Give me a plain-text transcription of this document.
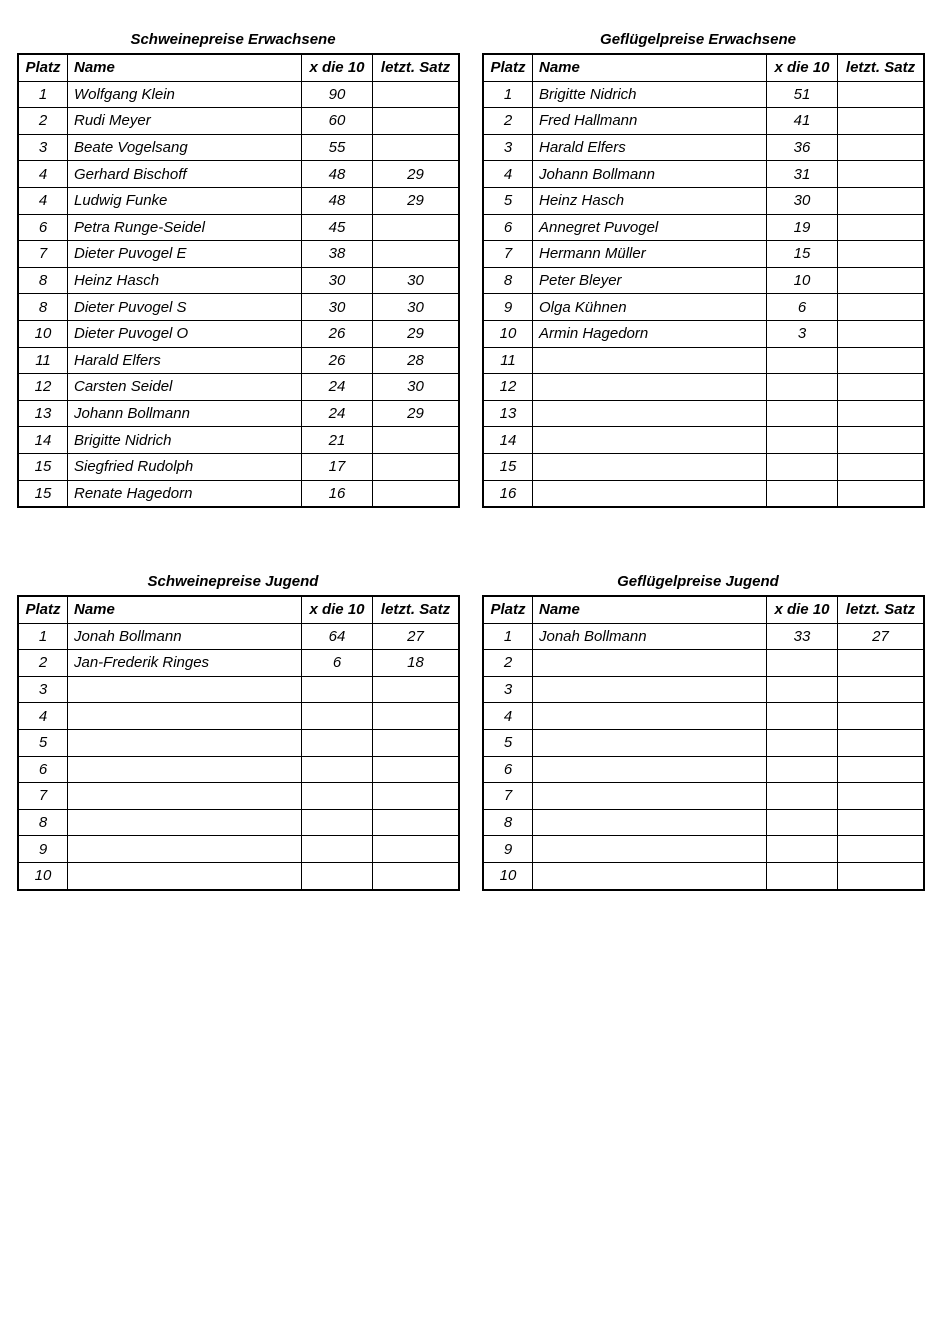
Schweinepreise Erwachsene
Platz	Name	x die 10	letzt. Satz
1	Wolfgang Klein	90	
2	Rudi Meyer	60	
3	Beate Vogelsang	55	
4	Gerhard Bischoff	48	29
4	Ludwig Funke	48	29
6	Petra Runge-Seidel	45	
7	Dieter Puvogel E	38	
8	Heinz Hasch	30	30
8	Dieter Puvogel S	30	30
10	Dieter Puvogel O	26	29
11	Harald Elfers	26	28
12	Carsten Seidel	24	30
13	Johann Bollmann	24	29
14	Brigitte Nidrich	21	
15	Siegfried Rudolph	17	
15	Renate Hagedorn	16	
Geflügelpreise Erwachsene
Platz	Name	x die 10	letzt. Satz
1	Brigitte Nidrich	51	
2	Fred Hallmann	41	
3	Harald Elfers	36	
4	Johann Bollmann	31	
5	Heinz Hasch	30	
6	Annegret Puvogel	19	
7	Hermann Müller	15	
8	Peter Bleyer	10	
9	Olga Kühnen	6	
10	Armin Hagedorn	3	
11			
12			
13			
14			
15			
16			
Schweinepreise Jugend
Platz	Name	x die 10	letzt. Satz
1	Jonah Bollmann	64	27
2	Jan-Frederik Ringes	6	18
3			
4			
5			
6			
7			
8			
9			
10			
Geflügelpreise Jugend
Platz	Name	x die 10	letzt. Satz
1	Jonah Bollmann	33	27
2			
3			
4			
5			
6			
7			
8			
9			
10			
